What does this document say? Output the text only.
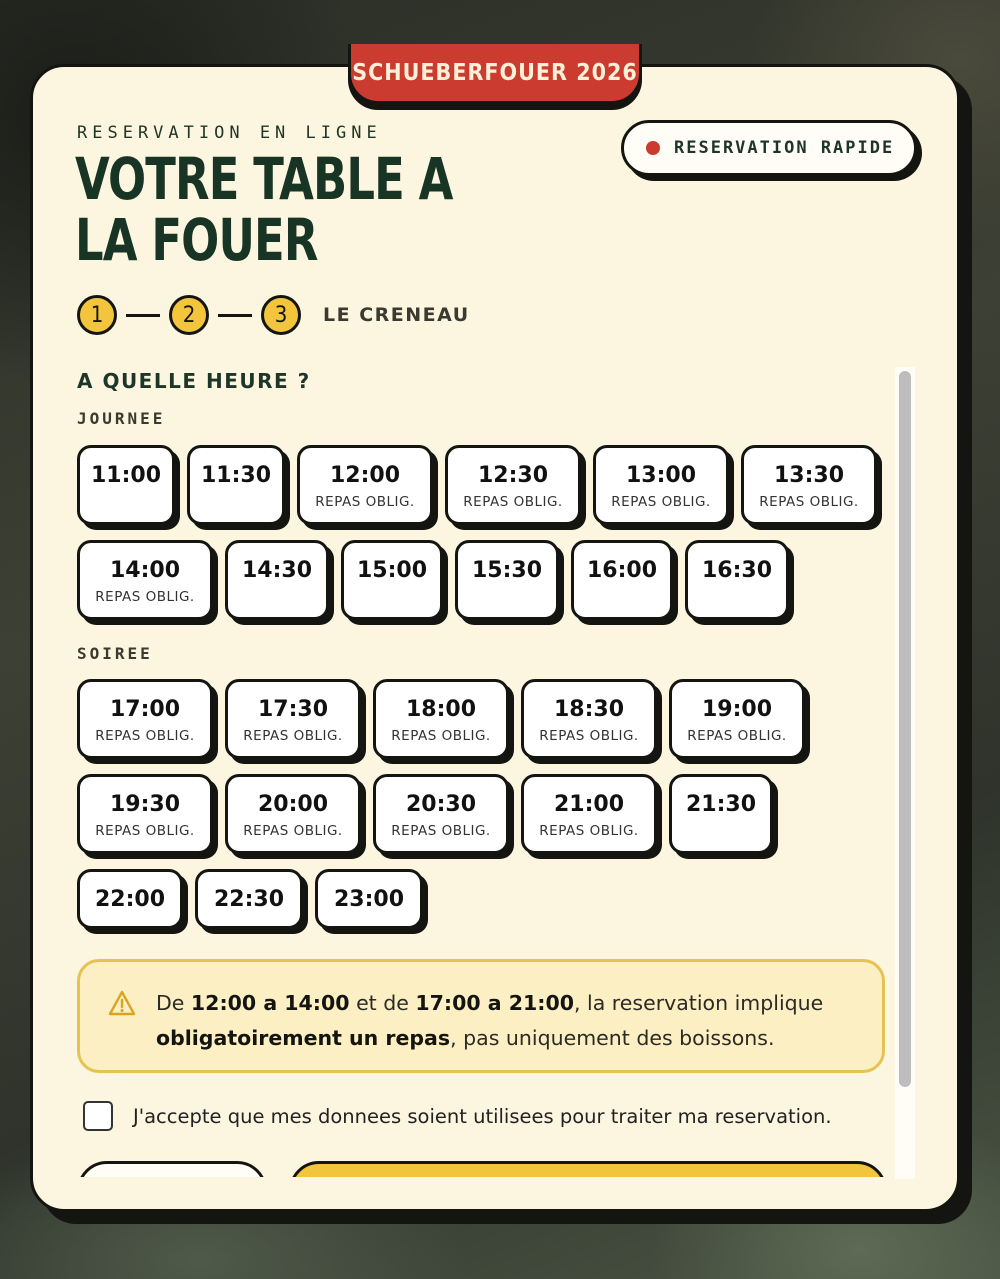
RESERVATION EN LIGNE
VOTRE TABLE A LA FOUER
RESERVATION RAPIDE
1	2	3	LE CRENEAU
A QUELLE HEURE ?
JOURNEE
11:00 11:30	12:00
REPAS OBLIG.
12:30
REPAS OBLIG.
13:00
REPAS OBLIG.
13:30
REPAS OBLIG.
14:00
REPAS OBLIG.
14:30 15:00 15:30 16:00 16:30
SOIREE
17:00
REPAS OBLIG.
17:30
REPAS OBLIG.
18:00
REPAS OBLIG.
18:30
REPAS OBLIG.
19:00
REPAS OBLIG.
19:30
REPAS OBLIG.
20:00
REPAS OBLIG.
20:30
REPAS OBLIG.
21:00
REPAS OBLIG.
21:30
22:00 22:30 23:00
De 12:00 a 14:00 et de 17:00 a 21:00, la reservation implique obligatoirement un repas, pas uniquement des boissons.
J'accepte que mes donnees soient utilisees pour traiter ma reservation.
SCHUEBERFOUER 2026
